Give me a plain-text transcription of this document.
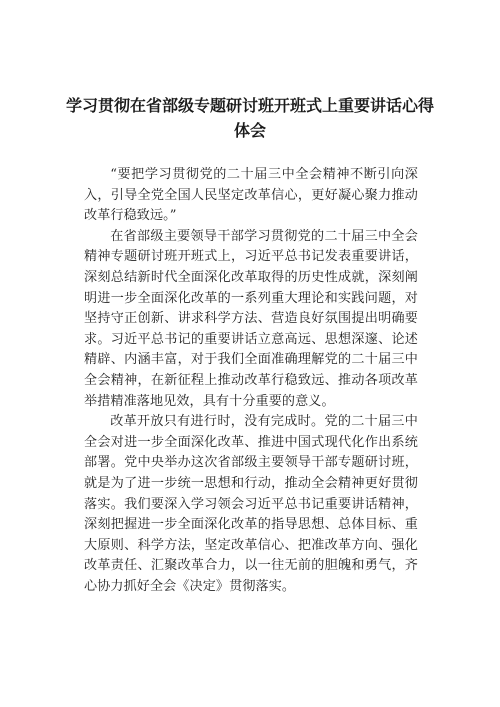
学习贯彻在省部级专题研讨班开班式上重要讲话心得体会

“要把学习贯彻党的二十届三中全会精神不断引向深入，引导全党全国人民坚定改革信心，更好凝心聚力推动改革行稳致远。”

在省部级主要领导干部学习贯彻党的二十届三中全会精神专题研讨班开班式上，习近平总书记发表重要讲话，深刻总结新时代全面深化改革取得的历史性成就，深刻阐明进一步全面深化改革的一系列重大理论和实践问题，对坚持守正创新、讲求科学方法、营造良好氛围提出明确要求。习近平总书记的重要讲话立意高远、思想深邃、论述精辟、内涵丰富，对于我们全面准确理解党的二十届三中全会精神，在新征程上推动改革行稳致远、推动各项改革举措精准落地见效，具有十分重要的意义。

改革开放只有进行时，没有完成时。党的二十届三中全会对进一步全面深化改革、推进中国式现代化作出系统部署。党中央举办这次省部级主要领导干部专题研讨班，就是为了进一步统一思想和行动，推动全会精神更好贯彻落实。我们要深入学习领会习近平总书记重要讲话精神，深刻把握进一步全面深化改革的指导思想、总体目标、重大原则、科学方法，坚定改革信心、把准改革方向、强化改革责任、汇聚改革合力，以一往无前的胆魄和勇气，齐心协力抓好全会《决定》贯彻落实。
